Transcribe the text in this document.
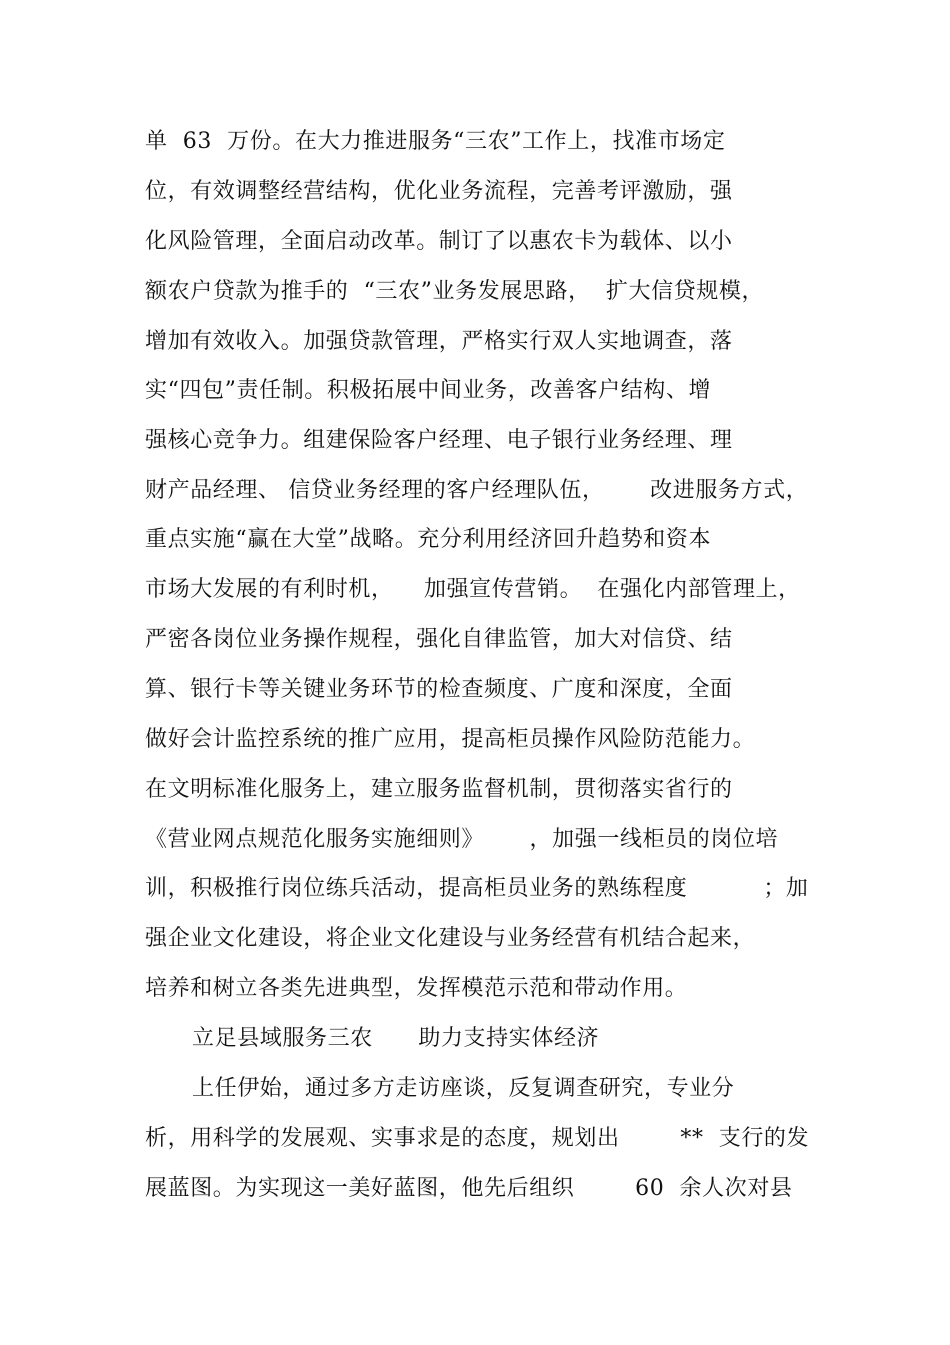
单  63  万份。在大力推进服务“三农”工作上，找准市场定
位，有效调整经营结构，优化业务流程，完善考评激励，强
化风险管理，全面启动改革。制订了以惠农卡为载体、以小
额农户贷款为推手的  “三农”业务发展思路，  扩大信贷规模，
增加有效收入。加强贷款管理，严格实行双人实地调查，落
实“四包”责任制。积极拓展中间业务，改善客户结构、增
强核心竞争力。组建保险客户经理、电子银行业务经理、理
财产品经理、 信贷业务经理的客户经理队伍，      改进服务方式，
重点实施“赢在大堂”战略。充分利用经济回升趋势和资本
市场大发展的有利时机，    加强宣传营销。  在强化内部管理上，
严密各岗位业务操作规程，强化自律监管，加大对信贷、结
算、银行卡等关键业务环节的检查频度、广度和深度，全面
做好会计监控系统的推广应用，提高柜员操作风险防范能力。
在文明标准化服务上，建立服务监督机制，贯彻落实省行的
《营业网点规范化服务实施细则》      ，加强一线柜员的岗位培
训，积极推行岗位练兵活动，提高柜员业务的熟练程度          ；加
强企业文化建设，将企业文化建设与业务经营有机结合起来，
培养和树立各类先进典型，发挥模范示范和带动作用。
立足县域服务三农      助力支持实体经济
上任伊始，通过多方走访座谈，反复调查研究，专业分
析，用科学的发展观、实事求是的态度，规划出        **  支行的发
展蓝图。为实现这一美好蓝图，他先后组织        60  余人次对县
